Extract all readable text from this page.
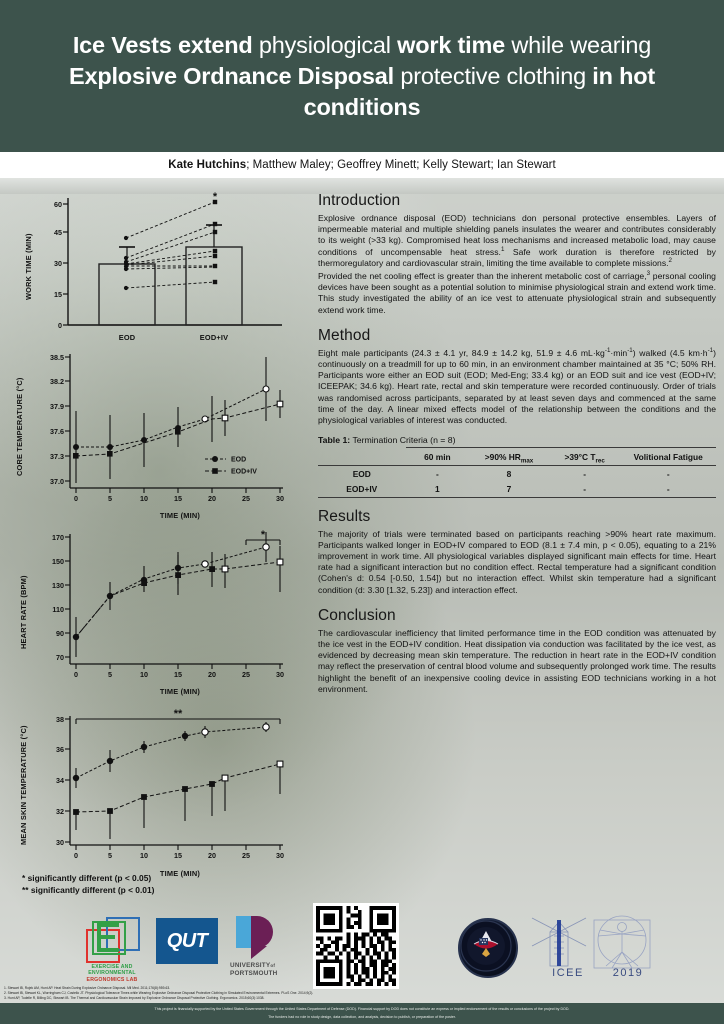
Ice Vests extend physiological work time while wearing Explosive Ordnance Disposal protective clothing in hot conditions
Kate Hutchins; Matthew Maley; Geoffrey Minett; Kelly Stewart; Ian Stewart
WORK TIME (MIN)
0
15
30
45
60
*
EOD	EOD+IV
CORE TEMPERATURE (°C)
37.0
37.3
37.6
37.9
38.2
38.5
0	5	10	15	20	25	30
EOD
EOD+IV
TIME (MIN)
HEART RATE (BPM)
70
90
110
130
150
170
0	5	10	15	20	25	30
*
TIME (MIN)
MEAN SKIN TEMPERATURE (°C)	30
32
34
36
38
0	5	10	15	20	25	30
**
TIME (MIN)
* significantly different (p < 0.05)
** significantly different (p < 0.01)
EXERCISE AND
ENVIRONMENTAL
ERGONOMICS LAB
QUT
UNIVERSITYof
PORTSMOUTH	ICEE	2019
Introduction

Explosive ordnance disposal (EOD) technicians don personal protective ensembles. Layers of impermeable material and multiple shielding panels insulates the wearer and contributes considerably to its weight (>33 kg). Compromised heat loss mechanisms and increased metabolic load, may cause conditions of uncompensable heat stress.$^1$ Safe work duration is therefore restricted by thermoregulatory and cardiovascular strain, limiting the time available to complete missions.$^2$

Provided the net cooling effect is greater than the inherent metabolic cost of carriage,$^3$ personal cooling devices have been sought as a potential solution to minimise physiological strain and extend work time. This study investigated the ability of an ice vest to attenuate physiological strain and subsequently extend work time.

Method

Eight male participants (24.3 ± 4.1 yr, 84.9 ± 14.2 kg, 51.9 ± 4.6 $mL\cdot kg^{-1}\cdot\min^{-1}$) walked (4.5 $km\cdot h^{-1}$) continuously on a treadmill for up to 60 min, in an environment chamber maintained at 35 °C; 50% RH. Participants wore either an EOD suit (EOD; Med-Eng; 33.4 kg) or an EOD suit and ice vest (EOD+IV; ICEEPAK; 34.6 kg). Heart rate, rectal and skin temperature were recorded continuously. Order of trials was randomised across participants, separated by at least seven days and commenced at the same time of the day. A linear mixed effects model of the relationship between the conditions and the physiological variables of interest was conducted.

Table 1: Termination Criteria (n = 8)
	60 min	>90% $HR_{max}$	>39°C $T_{rec}$	Volitional Fatigue
EOD	-	8	-	-
EOD+IV	1	7	-	-
Results

The majority of trials were terminated based on participants reaching >90% heart rate maximum. Participants walked longer in EOD+IV compared to EOD (8.1 ± 7.4 min, p < 0.05), equating to a 21% improvement in work time. All physiological variables displayed significant main effects for time. Heart rate had a significant interaction but no condition effect. Rectal temperature had a significant condition (Cohen's d: 0.54 [-0.50, 1.54]) but no interaction effect. Whilst skin temperature had a significant condition (d: 3.30 [1.32, 5.23]) and interaction effect.

Conclusion

The cardiovascular inefficiency that limited performance time in the EOD condition was attenuated by the ice vest in the EOD+IV condition. Heat dissipation via conduction was facilitated by the ice vest, as evidenced by decreasing mean skin temperature. The reduction in heart rate in the EOD+IV condition may reflect the preservation of central blood volume and subsequently prolonged work time. The results highlight the benefit of an inexpensive cooling device in assisting EOD technicians working in a hot environment.

1. Stewart IB, Rojek AM, Hunt AP. Heat Strain During Explosive Ordnance Disposal. Mil Med. 2011;176(8):959-63.
2. Stewart IB, Stewart KL, Worringham CJ, Costello JT. Physiological Tolerance Times while Wearing Explosive Ordnance Disposal Protective Clothing in Simulated Environmental Extremes. PLoS One. 2014;9(2).
3. Hunt AP, Tudelle R, Billing DC, Stewart IB. The Thermal and Cardiovascular Strain Imposed by Explosive Ordnance Disposal Protective Clothing. Ergonomics. 2015;60(3):1038.
This project is financially supported by the United States Government through the United States Department of Defense (DOD). Financial support by DOD does not constitute an express or implied endorsement of the results or conclusions of the project by DOD.
The funders had no role in study design, data collection, and analysis, decision to publish, or preparation of the poster.
